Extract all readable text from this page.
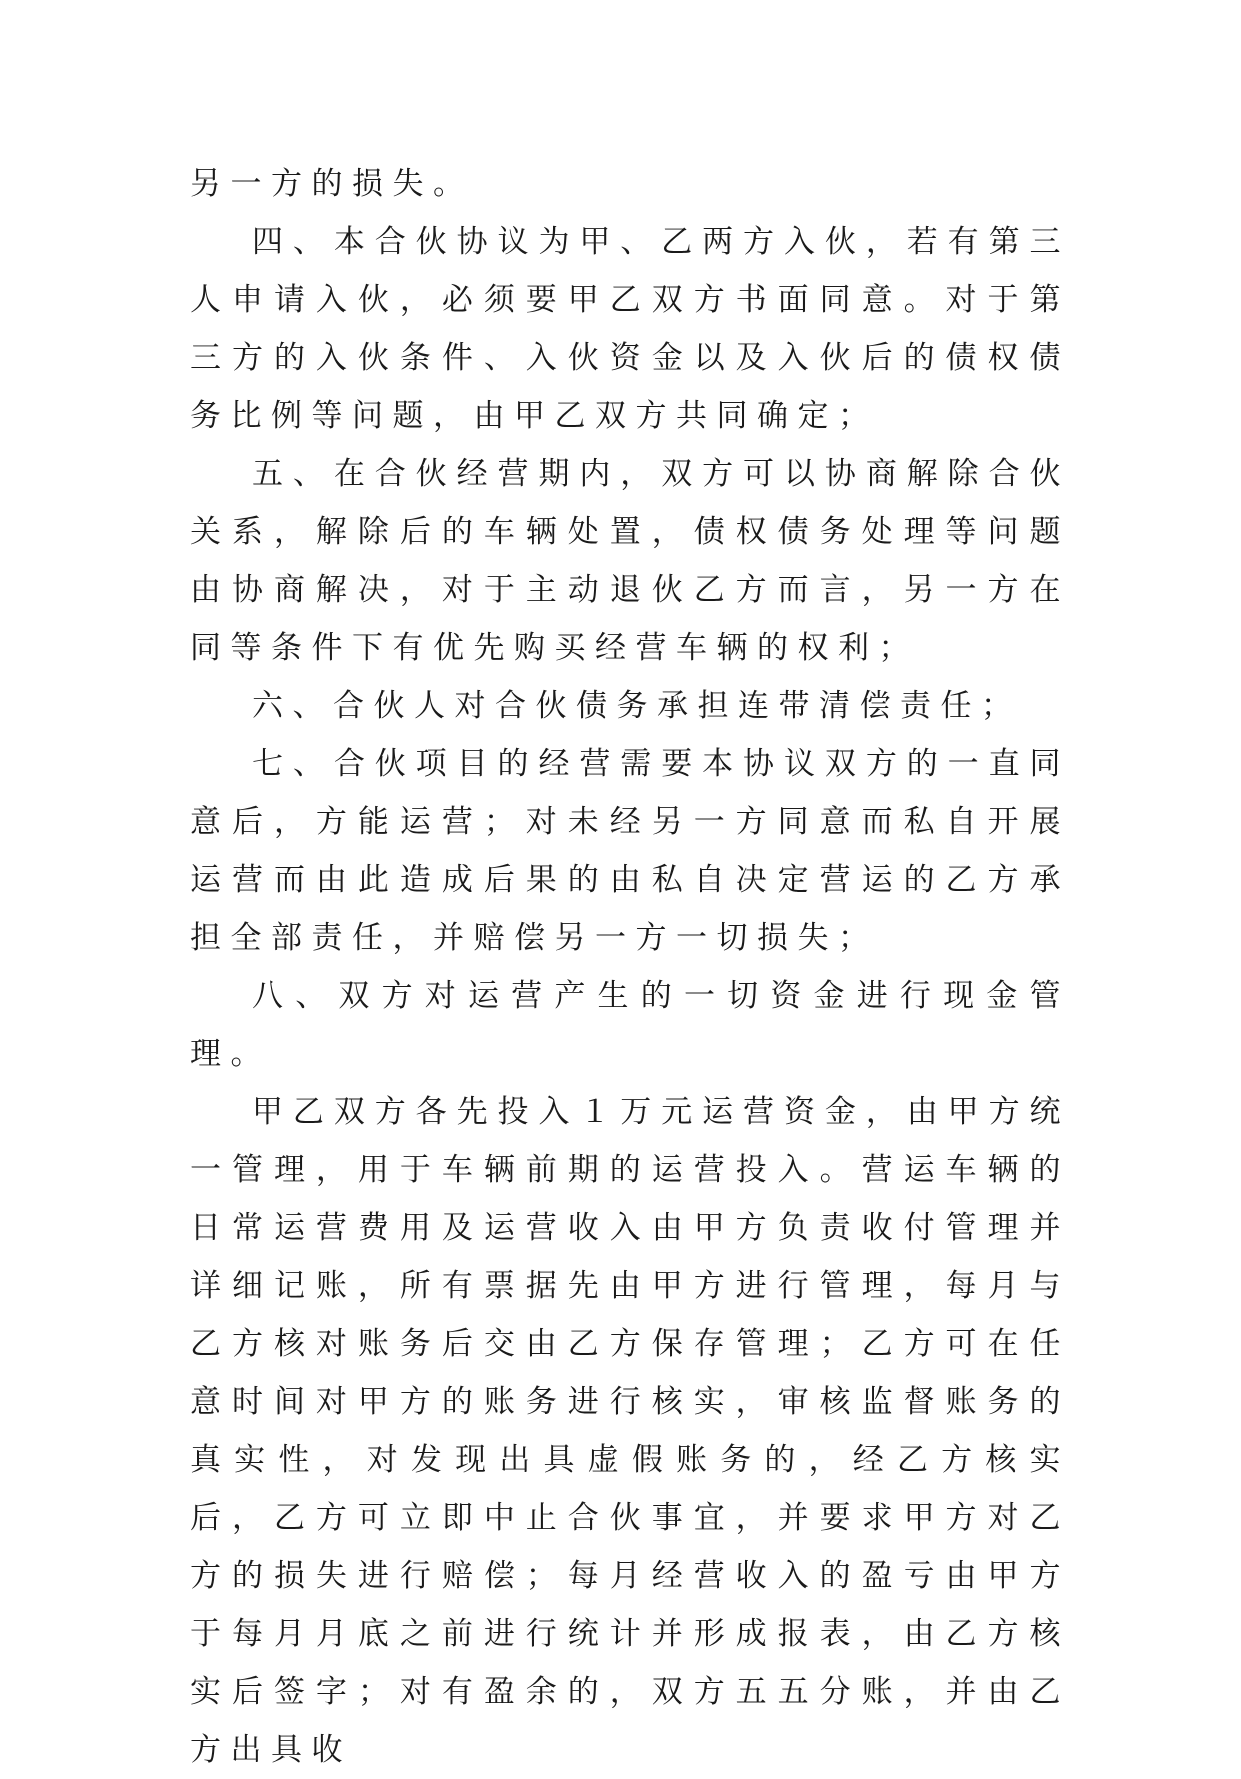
另一方的损失。

四、本合伙协议为甲、乙两方入伙，若有第三人申请入伙，必须要甲乙双方书面同意。对于第三方的入伙条件、入伙资金以及入伙后的债权债务比例等问题，由甲乙双方共同确定；

五、在合伙经营期内，双方可以协商解除合伙关系，解除后的车辆处置，债权债务处理等问题由协商解决，对于主动退伙乙方而言，另一方在同等条件下有优先购买经营车辆的权利；

六、合伙人对合伙债务承担连带清偿责任；

七、合伙项目的经营需要本协议双方的一直同意后，方能运营；对未经另一方同意而私自开展运营而由此造成后果的由私自决定营运的乙方承担全部责任，并赔偿另一方一切损失；

八、双方对运营产生的一切资金进行现金管理。

甲乙双方各先投入１万元运营资金，由甲方统一管理，用于车辆前期的运营投入。营运车辆的日常运营费用及运营收入由甲方负责收付管理并详细记账，所有票据先由甲方进行管理，每月与乙方核对账务后交由乙方保存管理；乙方可在任意时间对甲方的账务进行核实，审核监督账务的真实性，对发现出具虚假账务的，经乙方核实后，乙方可立即中止合伙事宜，并要求甲方对乙方的损失进行赔偿；每月经营收入的盈亏由甲方于每月月底之前进行统计并形成报表，由乙方核实后签字；对有盈余的，双方五五分账，并由乙方出具收
